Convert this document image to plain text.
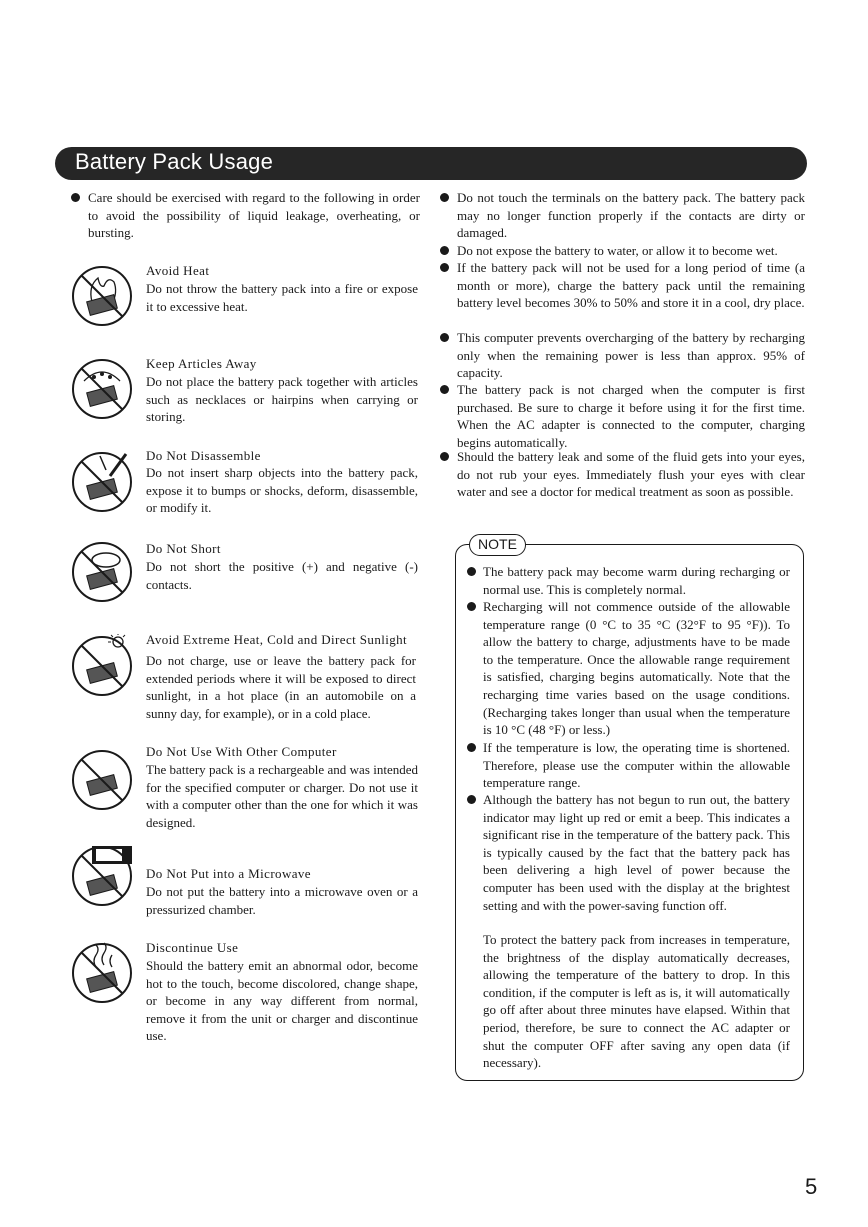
Battery Pack Usage
Care should be exercised with regard to the following in order to avoid the possibility of liquid leakage, overheating, or bursting.
Avoid Heat
Do not throw the battery pack into a fire or expose it to excessive heat.
Keep Articles Away
Do not place the battery pack together with articles such as necklaces or hairpins when carrying or storing.
Do Not Disassemble
Do not insert sharp objects into the battery pack, expose it to bumps or shocks, deform, disassemble, or modify it.
Do Not Short
Do not short the positive (+) and negative (-) contacts.
Avoid Extreme Heat, Cold and Direct Sunlight
Do not charge, use or leave the battery pack for extended periods where it will be exposed to direct sunlight, in a hot place (in an automobile on a sunny day, for example), or in a cold place.
Do Not Use With Other Computer
The battery pack is a rechargeable and was intended for the specified computer or charger. Do not use it with a computer other than the one for which it was designed.
Do Not Put into a Microwave
Do not put the battery into a microwave oven or a pressurized chamber.
Discontinue Use
Should the battery emit an abnormal odor, become hot to the touch, become discolored, change shape, or become in any way different from normal, remove it from the unit or charger and discontinue use.
Do not touch the terminals on the battery pack. The battery pack may no longer function properly if the contacts are dirty or damaged.
Do not expose the battery to water, or allow it to become wet.
If the battery pack will not be used for a long period of time (a month or more), charge the battery pack until the remaining battery level becomes 30% to 50% and store it in a cool, dry place.
This computer prevents overcharging of the battery by recharging only when the remaining power is less than approx. 95% of capacity.
The battery pack is not charged when the computer is first purchased. Be sure to charge it before using it for the first time. When the AC adapter is connected to the computer, charging begins automatically.
Should the battery leak and some of the fluid gets into your eyes, do not rub your eyes. Immediately flush your eyes with clear water and see a doctor for medical treatment as soon as possible.
NOTE
The battery pack may become warm during recharging or normal use. This is completely normal.
Recharging will not commence outside of the allowable temperature range (0 °C to 35 °C (32°F to 95 °F)). To allow the battery to charge, adjustments have to be made to the temperature. Once the allowable range requirement is satisfied, charging begins automatically. Note that the recharging time varies based on the usage conditions. (Recharging takes longer than usual when the temperature is 10 °C (48 °F) or less.)
If the temperature is low, the operating time is shortened. Therefore, please use the computer within the allowable temperature range.
Although the battery has not begun to run out, the battery indicator may light up red or emit a beep. This indicates a significant rise in the temperature of the battery pack. This is typically caused by the fact that the battery pack has been delivering a high level of power because the computer has been used with the display at the brightest setting and with the power-saving function off.
To protect the battery pack from increases in temperature, the brightness of the display automatically decreases, allowing the temperature of the battery to drop. In this condition, if the computer is left as is, it will automatically go off after about three minutes have elapsed. Within that period, therefore, be sure to connect the AC adapter or shut the computer OFF after saving any open data (if necessary).
5
